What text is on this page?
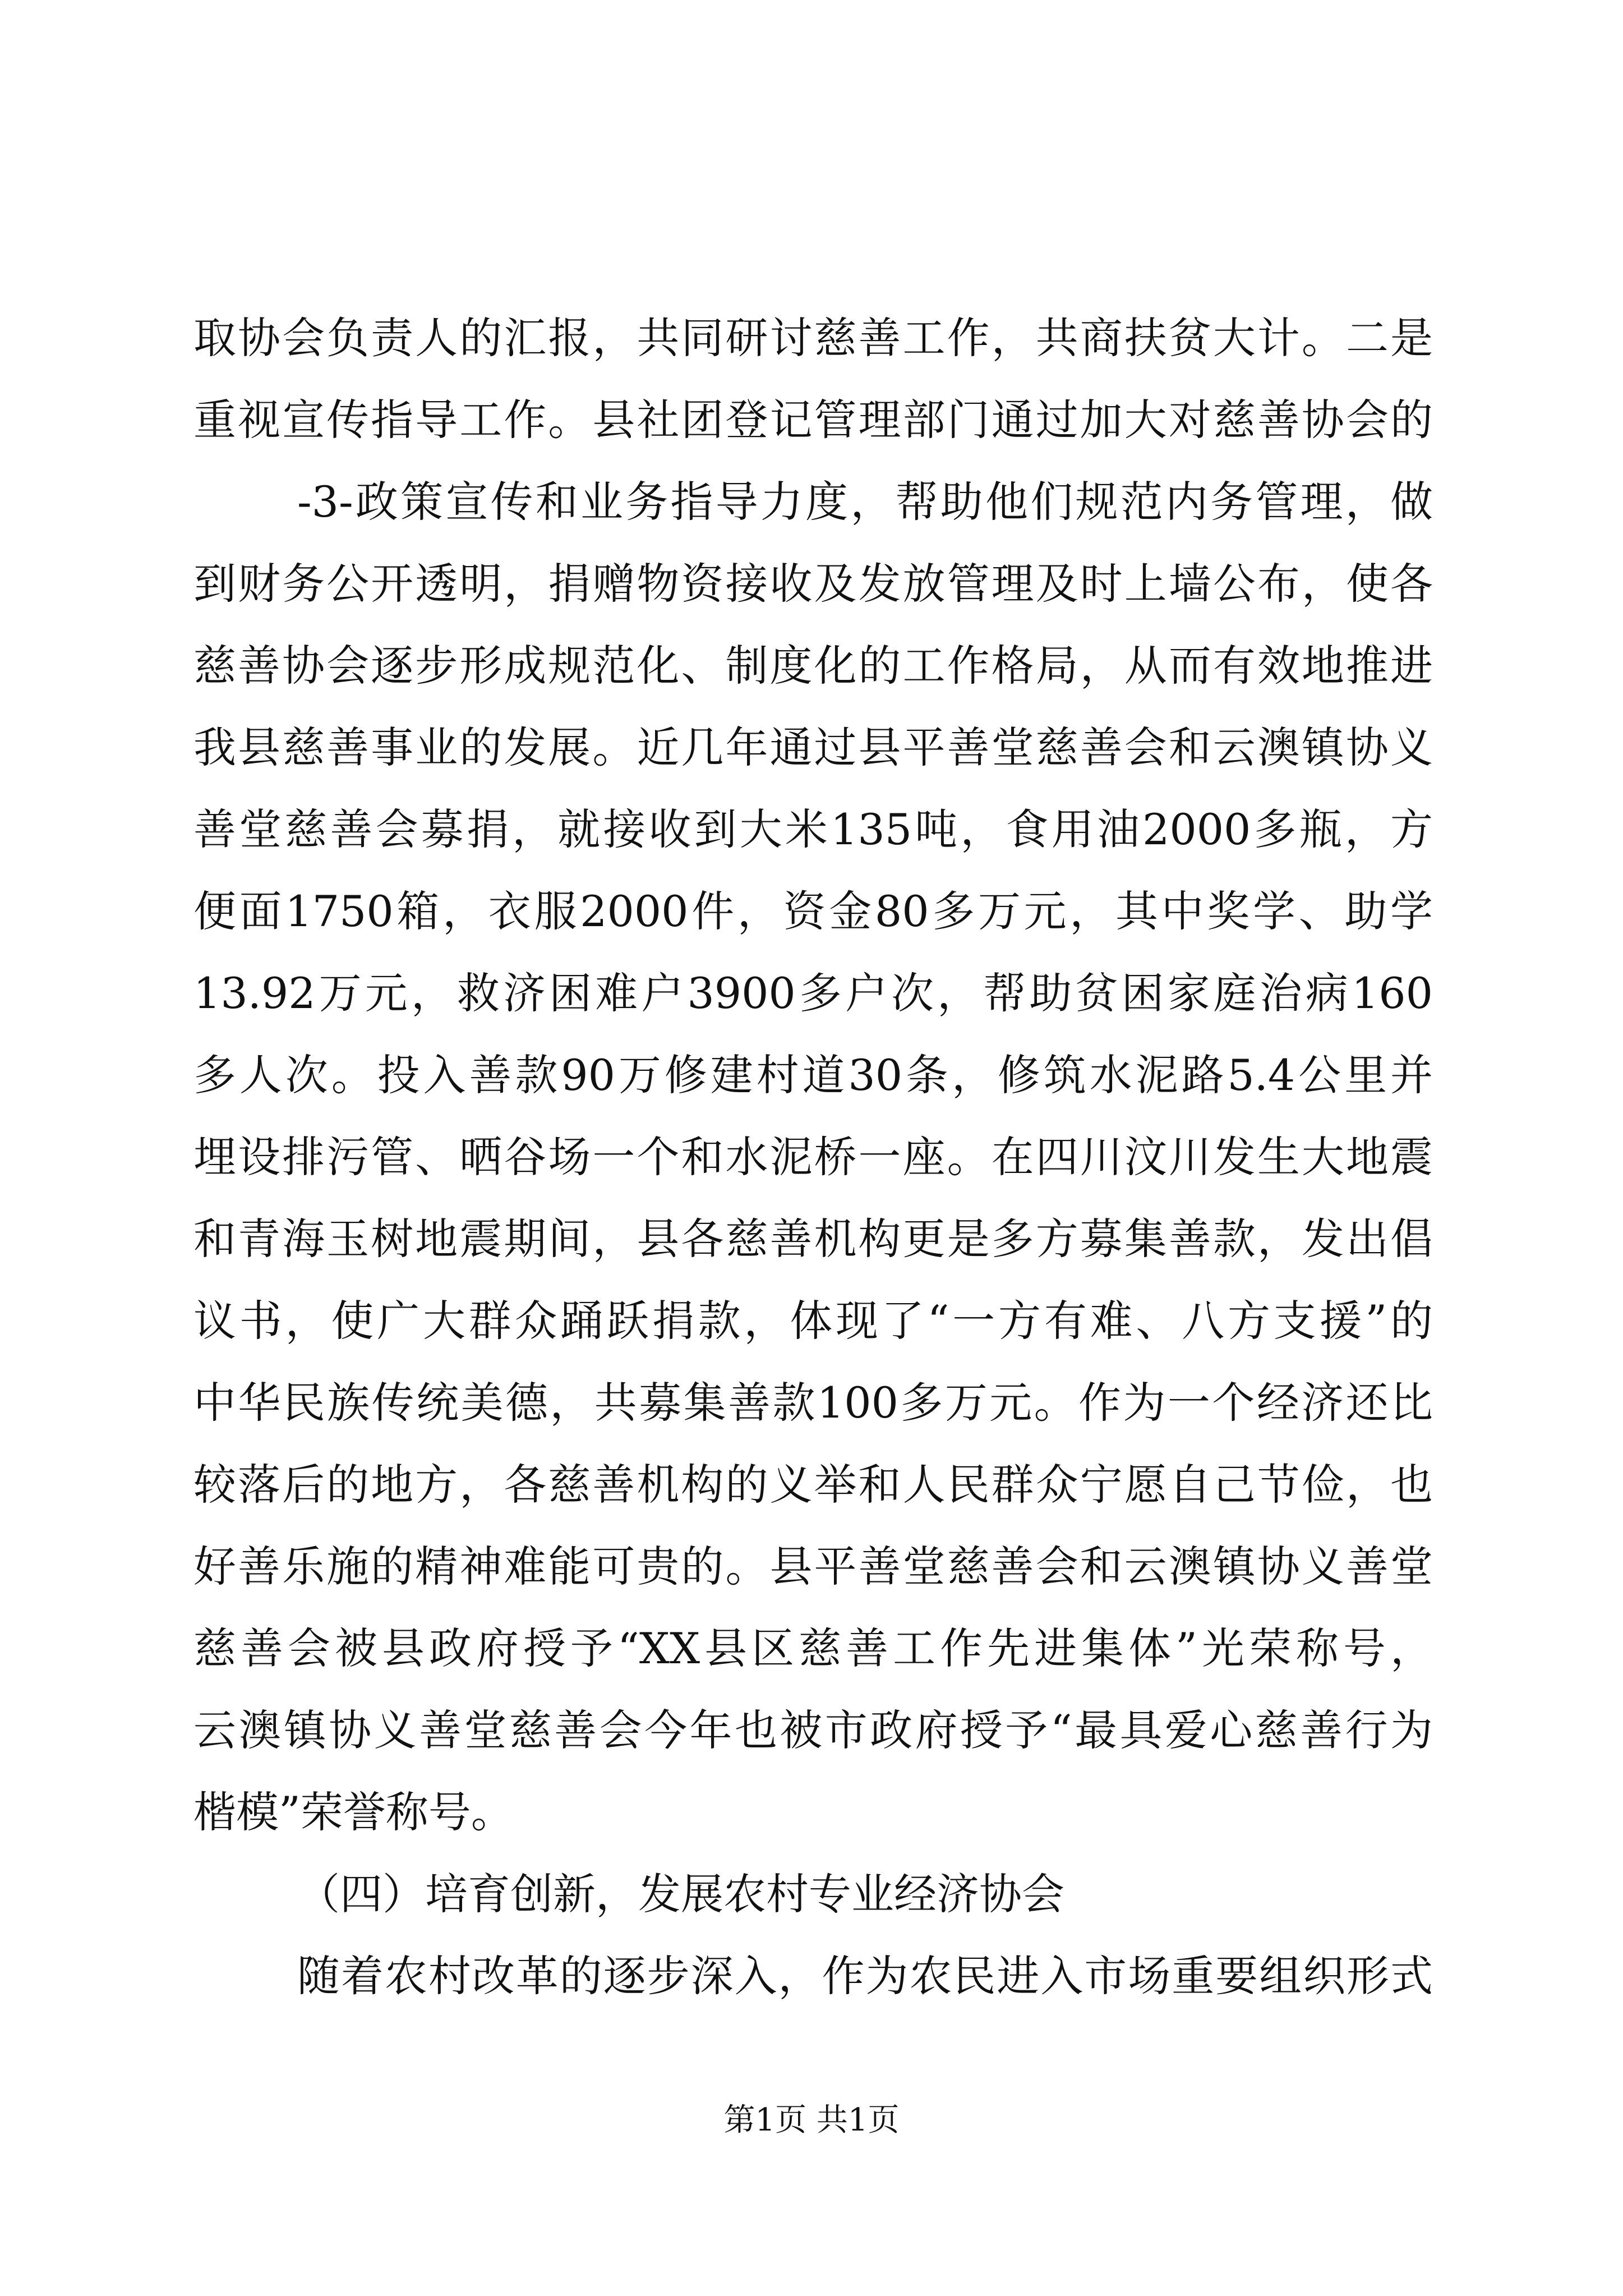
取协会负责人的汇报，共同研讨慈善工作，共商扶贫大计。二是
重视宣传指导工作。县社团登记管理部门通过加大对慈善协会的
-3-政策宣传和业务指导力度，帮助他们规范内务管理，做
到财务公开透明，捐赠物资接收及发放管理及时上墙公布，使各
慈善协会逐步形成规范化、制度化的工作格局，从而有效地推进
我县慈善事业的发展。近几年通过县平善堂慈善会和云澳镇协义
善堂慈善会募捐，就接收到大米135吨，食用油2000多瓶，方
便面1750箱，衣服2000件，资金80多万元，其中奖学、助学
13.92万元，救济困难户3900多户次，帮助贫困家庭治病160
多人次。投入善款90万修建村道30条，修筑水泥路5.4公里并
埋设排污管、晒谷场一个和水泥桥一座。在四川汶川发生大地震
和青海玉树地震期间，县各慈善机构更是多方募集善款，发出倡
议书，使广大群众踊跃捐款，体现了“一方有难、八方支援”的
中华民族传统美德，共募集善款100多万元。作为一个经济还比
较落后的地方，各慈善机构的义举和人民群众宁愿自己节俭，也
好善乐施的精神难能可贵的。县平善堂慈善会和云澳镇协义善堂
慈善会被县政府授予“XX县区慈善工作先进集体”光荣称号，
云澳镇协义善堂慈善会今年也被市政府授予“最具爱心慈善行为
楷模”荣誉称号。
（四）培育创新，发展农村专业经济协会
随着农村改革的逐步深入，作为农民进入市场重要组织形式
第1页 共1页
